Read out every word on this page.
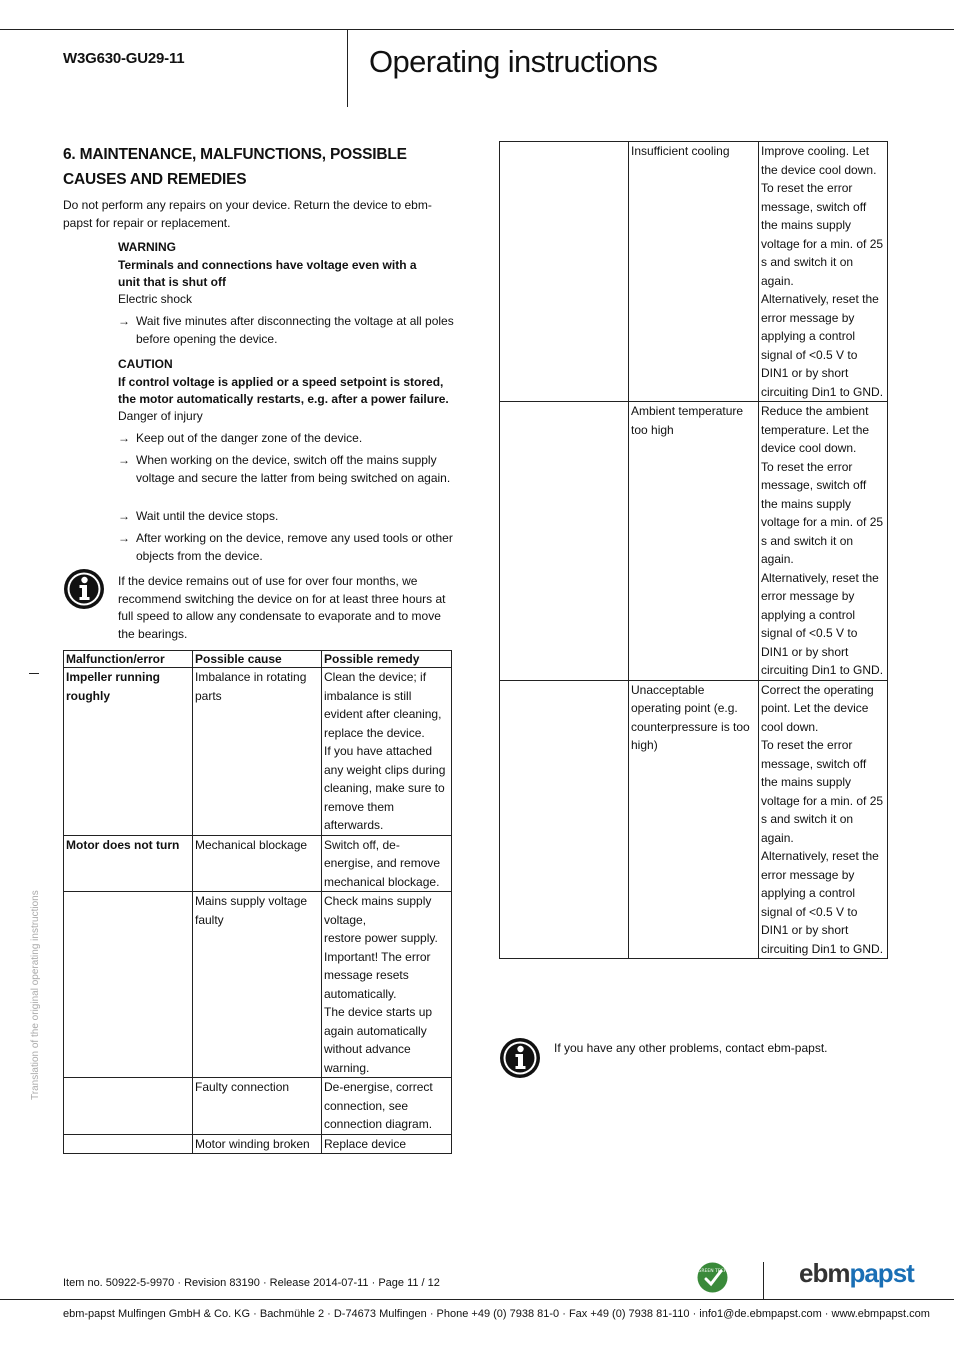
W3G630-GU29-11	Operating instructions
6. MAINTENANCE, MALFUNCTIONS, POSSIBLE CAUSES AND REMEDIES
Do not perform any repairs on your device. Return the device to ebm-papst for repair or replacement.
WARNING
Terminals and connections have voltage even with a unit that is shut off
Electric shock
→ Wait five minutes after disconnecting the voltage at all poles before opening the device.
CAUTION
If control voltage is applied or a speed setpoint is stored, the motor automatically restarts, e.g. after a power failure.
Danger of injury
→ Keep out of the danger zone of the device.
→ When working on the device, switch off the mains supply voltage and secure the latter from being switched on again.
→ Wait until the device stops.
→ After working on the device, remove any used tools or other objects from the device.
If the device remains out of use for over four months, we recommend switching the device on for at least three hours at full speed to allow any condensate to evaporate and to move the bearings.
Malfunction/error	Possible cause	Possible remedy
Impeller running roughly	Imbalance in rotating parts	Clean the device; if imbalance is still evident after cleaning, replace the device.
If you have attached any weight clips during cleaning, make sure to remove them afterwards.
Motor does not turn	Mechanical blockage	Switch off, de-energise, and remove mechanical blockage.
	Mains supply voltage faulty	Check mains supply voltage,
restore power supply.
Important! The error message resets automatically.
The device starts up again automatically without advance warning.
	Faulty connection	De-energise, correct connection, see connection diagram.
	Motor winding broken	Replace device
	Insufficient cooling	Improve cooling. Let the device cool down.
To reset the error message, switch off the mains supply voltage for a min. of 25 s and switch it on again.
Alternatively, reset the error message by applying a control signal of <0.5 V to DIN1 or by short circuiting Din1 to GND.
	Ambient temperature too high	Reduce the ambient temperature. Let the device cool down.
To reset the error message, switch off the mains supply voltage for a min. of 25 s and switch it on again.
Alternatively, reset the error message by applying a control signal of <0.5 V to DIN1 or by short circuiting Din1 to GND.
	Unacceptable operating point (e.g. counterpressure is too high)	Correct the operating point. Let the device cool down.
To reset the error message, switch off the mains supply voltage for a min. of 25 s and switch it on again.
Alternatively, reset the error message by applying a control signal of <0.5 V to DIN1 or by short circuiting Din1 to GND.
If you have any other problems, contact ebm-papst.
Translation of the original operating instructions
Item no. 50922-5-9970 · Revision 83190 · Release 2014-07-11 · Page 11 / 12
GREEN TECH	ebmpapst
ebm-papst Mulfingen GmbH & Co. KG · Bachmühle 2 · D-74673 Mulfingen · Phone +49 (0) 7938 81-0 · Fax +49 (0) 7938 81-110 · info1@de.ebmpapst.com · www.ebmpapst.com
